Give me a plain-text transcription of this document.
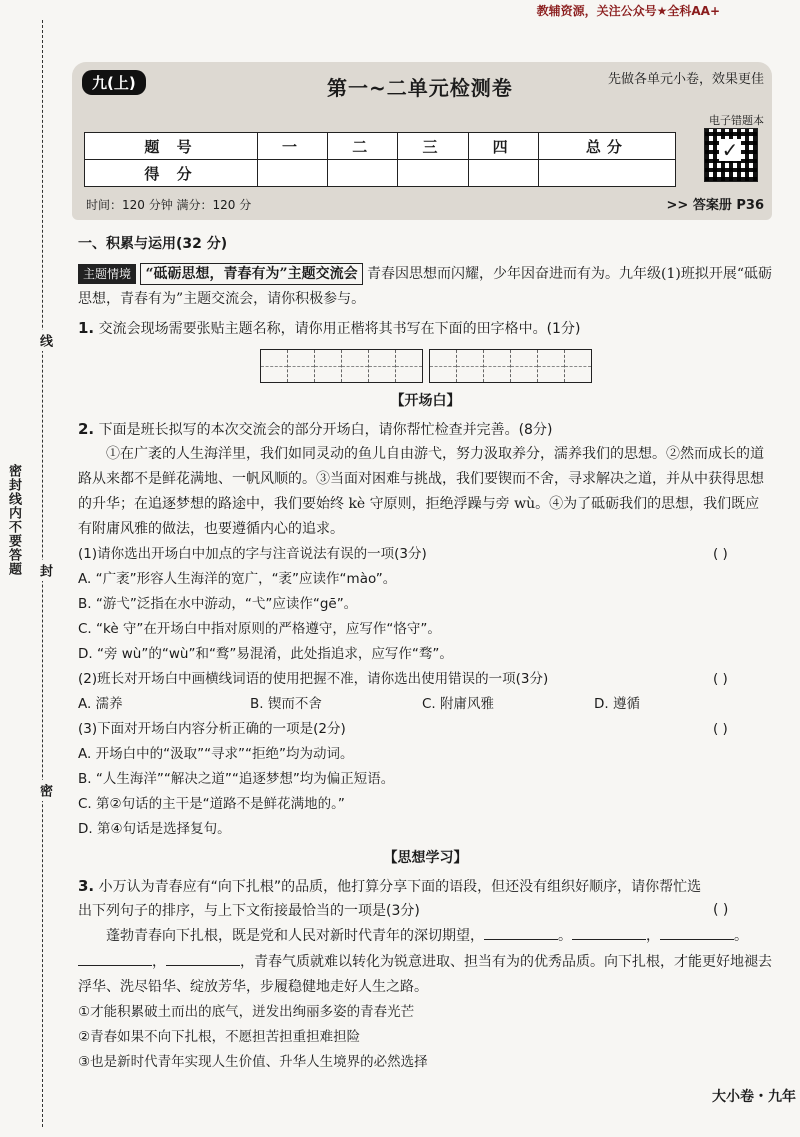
密封线内不要答题
线
封
密
教辅资源，关注公众号★全科AA+
九(上)	第一~二单元检测卷	先做各单元小卷，效果更佳
电子错题本
✓
题 号	一	二	三	四	总分
得 分					
时间：120 分钟 满分：120 分	>> 答案册 P36
一、积累与运用(32 分)
主题情境 “砥砺思想，青春有为”主题交流会 青春因思想而闪耀，少年因奋进而有为。九年级(1)班拟开展“砥砺思想，青春有为”主题交流会，请你积极参与。
1. 交流会现场需要张贴主题名称，请你用正楷将其书写在下面的田字格中。(1分)
【开场白】
2. 下面是班长拟写的本次交流会的部分开场白，请你帮忙检查并完善。(8分)
①在广袤的人生海洋里，我们如同灵动的鱼儿自由游弋，努力汲取养分，濡养我们的思想。②然而成长的道路从来都不是鲜花满地、一帆风顺的。③当面对困难与挑战，我们要锲而不舍，寻求解决之道，并从中获得思想的升华；在追逐梦想的路途中，我们要始终 kè 守原则，拒绝浮躁与旁 wù。④为了砥砺我们的思想，我们既应有附庸风雅的做法，也要遵循内心的追求。
( )
(1)请你选出开场白中加点的字与注音说法有误的一项(3分)
A. “广袤”形容人生海洋的宽广，“袤”应读作“mào”。
B. “游弋”泛指在水中游动，“弋”应读作“gē”。
C. “kè 守”在开场白中指对原则的严格遵守，应写作“恪守”。
D. “旁 wù”的“wù”和“鹜”易混淆，此处指追求，应写作“骛”。
( )
(2)班长对开场白中画横线词语的使用把握不准，请你选出使用错误的一项(3分)
A. 濡养	B. 锲而不舍	C. 附庸风雅	D. 遵循
( )
(3)下面对开场白内容分析正确的一项是(2分)
A. 开场白中的“汲取”“寻求”“拒绝”均为动词。
B. “人生海洋”“解决之道”“追逐梦想”均为偏正短语。
C. 第②句话的主干是“道路不是鲜花满地的。”
D. 第④句话是选择复句。
【思想学习】
( )
3. 小万认为青春应有“向下扎根”的品质，他打算分享下面的语段，但还没有组织好顺序，请你帮忙选出下列句子的排序，与上下文衔接最恰当的一项是(3分)
蓬勃青春向下扎根，既是党和人民对新时代青年的深切期望，	。	，	。，	，青春气质就难以转化为锐意进取、担当有为的优秀品质。向下扎根，才能更好地褪去浮华、洗尽铅华、绽放芳华，步履稳健地走好人生之路。
①才能积累破土而出的底气，迸发出绚丽多姿的青春光芒
②青春如果不向下扎根，不愿担苦担重担难担险
③也是新时代青年实现人生价值、升华人生境界的必然选择
大小卷・九年
